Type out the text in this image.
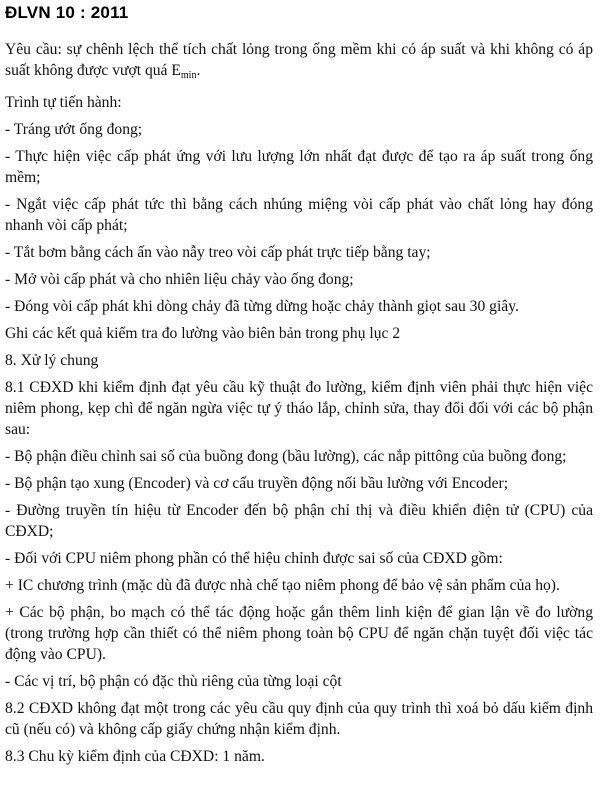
ĐLVN 10 : 2011

Yêu cầu: sự chênh lệch thể tích chất lỏng trong ống mềm khi có áp suất và khi không có áp suất không được vượt quá $E_{min}$.

Trình tự tiến hành:

- Tráng ướt ống đong;

- Thực hiện việc cấp phát ứng với lưu lượng lớn nhất đạt được để tạo ra áp suất trong ống mềm;

- Ngắt việc cấp phát tức thì bằng cách nhúng miệng vòi cấp phát vào chất lỏng hay đóng nhanh vòi cấp phát;

- Tắt bơm bằng cách ấn vào nẫy treo vòi cấp phát trực tiếp bằng tay;

- Mở vòi cấp phát và cho nhiên liệu chảy vào ống đong;

- Đóng vòi cấp phát khi dòng chảy đã từng dừng hoặc chảy thành giọt sau 30 giây.

Ghi các kết quả kiểm tra đo lường vào biên bản trong phụ lục 2

8. Xử lý chung

8.1 CĐXD khi kiểm định đạt yêu cầu kỹ thuật đo lường, kiểm định viên phải thực hiện việc niêm phong, kẹp chì để ngăn ngừa việc tự ý tháo lắp, chỉnh sửa, thay đổi đối với các bộ phận sau:

- Bộ phận điều chỉnh sai số của buồng đong (bầu lường), các nắp pittông của buồng đong;

- Bộ phận tạo xung (Encoder) và cơ cấu truyền động nối bầu lường với Encoder;

- Đường truyền tín hiệu từ Encoder đến bộ phận chỉ thị và điều khiển điện tử (CPU) của CĐXD;

- Đối với CPU niêm phong phần có thể hiệu chỉnh được sai số của CĐXD gồm:

+ IC chương trình (mặc dù đã được nhà chế tạo niêm phong để bảo vệ sản phẩm của họ).

+ Các bộ phận, bo mạch có thể tác động hoặc gắn thêm linh kiện để gian lận về đo lường (trong trường hợp cần thiết có thể niêm phong toàn bộ CPU để ngăn chặn tuyệt đối việc tác động vào CPU).

- Các vị trí, bộ phận có đặc thù riêng của từng loại cột

8.2 CĐXD không đạt một trong các yêu cầu quy định của quy trình thì xoá bỏ dấu kiểm định cũ (nếu có) và không cấp giấy chứng nhận kiểm định.

8.3 Chu kỳ kiểm định của CĐXD: 1 năm.
